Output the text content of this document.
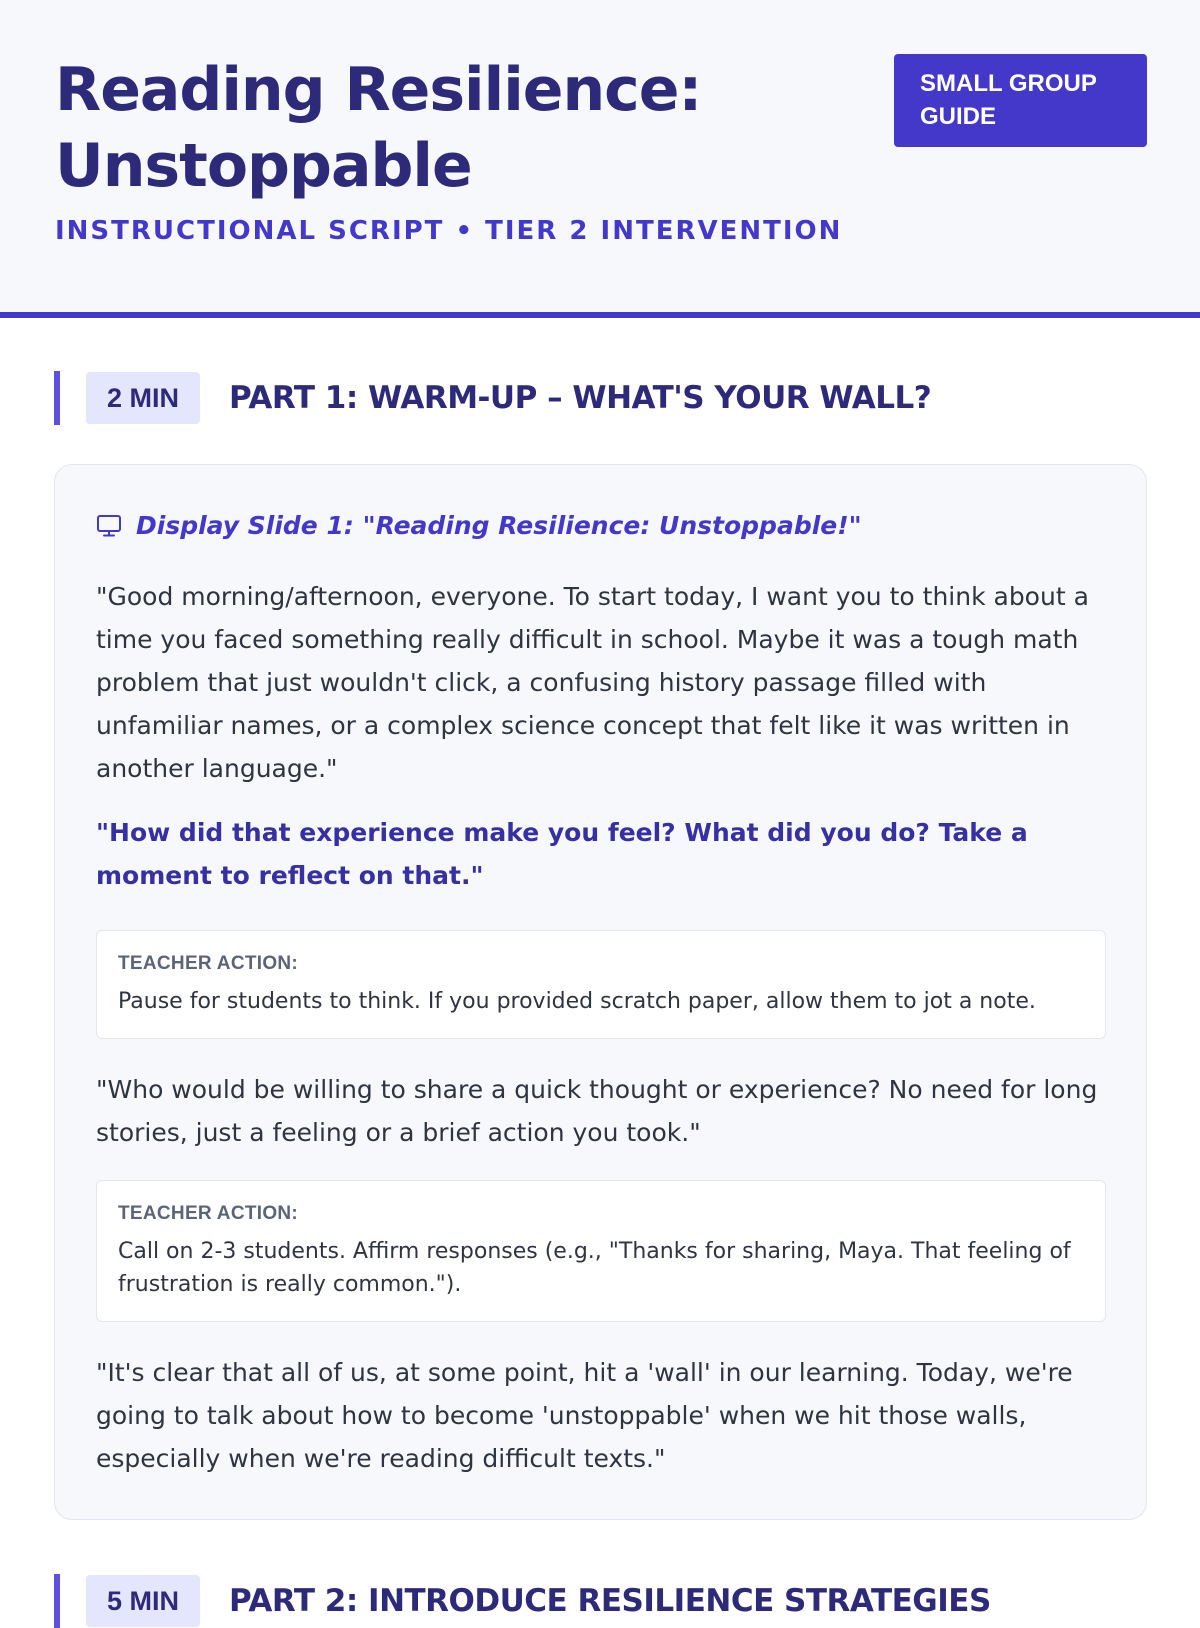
Reading Resilience: Unstoppable
INSTRUCTIONAL SCRIPT • TIER 2 INTERVENTION
SMALL GROUP GUIDE
2 MIN	PART 1: WARM-UP – WHAT'S YOUR WALL?
Display Slide 1: "Reading Resilience: Unstoppable!"

"Good morning/afternoon, everyone. To start today, I want you to think about a time you faced something really difficult in school. Maybe it was a tough math problem that just wouldn't click, a confusing history passage filled with unfamiliar names, or a complex science concept that felt like it was written in another language."

"How did that experience make you feel? What did you do? Take a moment to reflect on that."

TEACHER ACTION:
Pause for students to think. If you provided scratch paper, allow them to jot a note.

"Who would be willing to share a quick thought or experience? No need for long stories, just a feeling or a brief action you took."

TEACHER ACTION:
Call on 2-3 students. Affirm responses (e.g., "Thanks for sharing, Maya. That feeling of frustration is really common.").

"It's clear that all of us, at some point, hit a 'wall' in our learning. Today, we're going to talk about how to become 'unstoppable' when we hit those walls, especially when we're reading difficult texts."

5 MIN	PART 2: INTRODUCE RESILIENCE STRATEGIES
